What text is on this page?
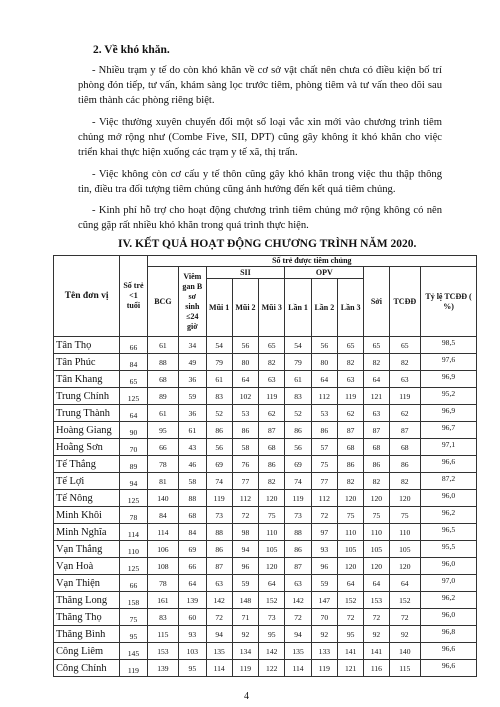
2. Về khó khăn.

- Nhiều trạm y tế do còn khó khăn về cơ sở vật chất nên chưa có điều kiện bố trí phòng đón tiếp, tư vấn, khám sàng lọc trước tiêm, phòng tiêm và tư vấn theo dõi sau tiêm thành các phòng riêng biệt.

- Việc thường xuyên chuyển đổi một số loại vắc xin mới vào chương trình tiêm chủng mở rộng như (Combe Five, SII, DPT) cũng gây không ít khó khăn cho việc triển khai thực hiện xuống các trạm y tế xã, thị trấn.

- Việc không còn cơ cấu y tế thôn cũng gây khó khăn trong việc thu thập thông tin, điều tra đối tượng tiêm chủng cũng ảnh hưởng đến kết quả tiêm chủng.

- Kinh phí hỗ trợ cho hoạt động chương trình tiêm chủng mở rộng không có nên cũng gặp rất nhiều khó khăn trong quá trình thực hiện.

IV. KẾT QUẢ HOẠT ĐỘNG CHƯƠNG TRÌNH NĂM 2020.
Tên đơn vị	Số trẻ <1 tuổi	Số trẻ được tiêm chủng										
		BCG	Viêm gan B sơ sinh ≤24 giờ	SII			OPV			Sởi	TCĐĐ	Tỷ lệ TCĐĐ ( %)
				Mũi 1	Mũi 2	Mũi 3	Lần 1	Lần 2	Lần 3			
Tân Thọ	66	61	34	54	56	65	54	56	65	65	65	98,5
Tân Phúc	84	88	49	79	80	82	79	80	82	82	82	97,6
Tân Khang	65	68	36	61	64	63	61	64	63	64	63	96,9
Trung Chính	125	89	59	83	102	119	83	112	119	121	119	95,2
Trung Thành	64	61	36	52	53	62	52	53	62	63	62	96,9
Hoàng Giang	90	95	61	86	86	87	86	86	87	87	87	96,7
Hoằng Sơn	70	66	43	56	58	68	56	57	68	68	68	97,1
Tế Thắng	89	78	46	69	76	86	69	75	86	86	86	96,6
Tế Lợi	94	81	58	74	77	82	74	77	82	82	82	87,2
Tế Nông	125	140	88	119	112	120	119	112	120	120	120	96,0
Minh Khôi	78	84	68	73	72	75	73	72	75	75	75	96,2
Minh Nghĩa	114	114	84	88	98	110	88	97	110	110	110	96,5
Vạn Thắng	110	106	69	86	94	105	86	93	105	105	105	95,5
Vạn Hoà	125	108	66	87	96	120	87	96	120	120	120	96,0
Vạn Thiện	66	78	64	63	59	64	63	59	64	64	64	97,0
Thăng Long	158	161	139	142	148	152	142	147	152	153	152	96,2
Thăng Thọ	75	83	60	72	71	73	72	70	72	72	72	96,0
Thăng Bình	95	115	93	94	92	95	94	92	95	92	92	96,8
Công Liêm	145	153	103	135	134	142	135	133	141	141	140	96,6
Công Chính	119	139	95	114	119	122	114	119	121	116	115	96,6
4
